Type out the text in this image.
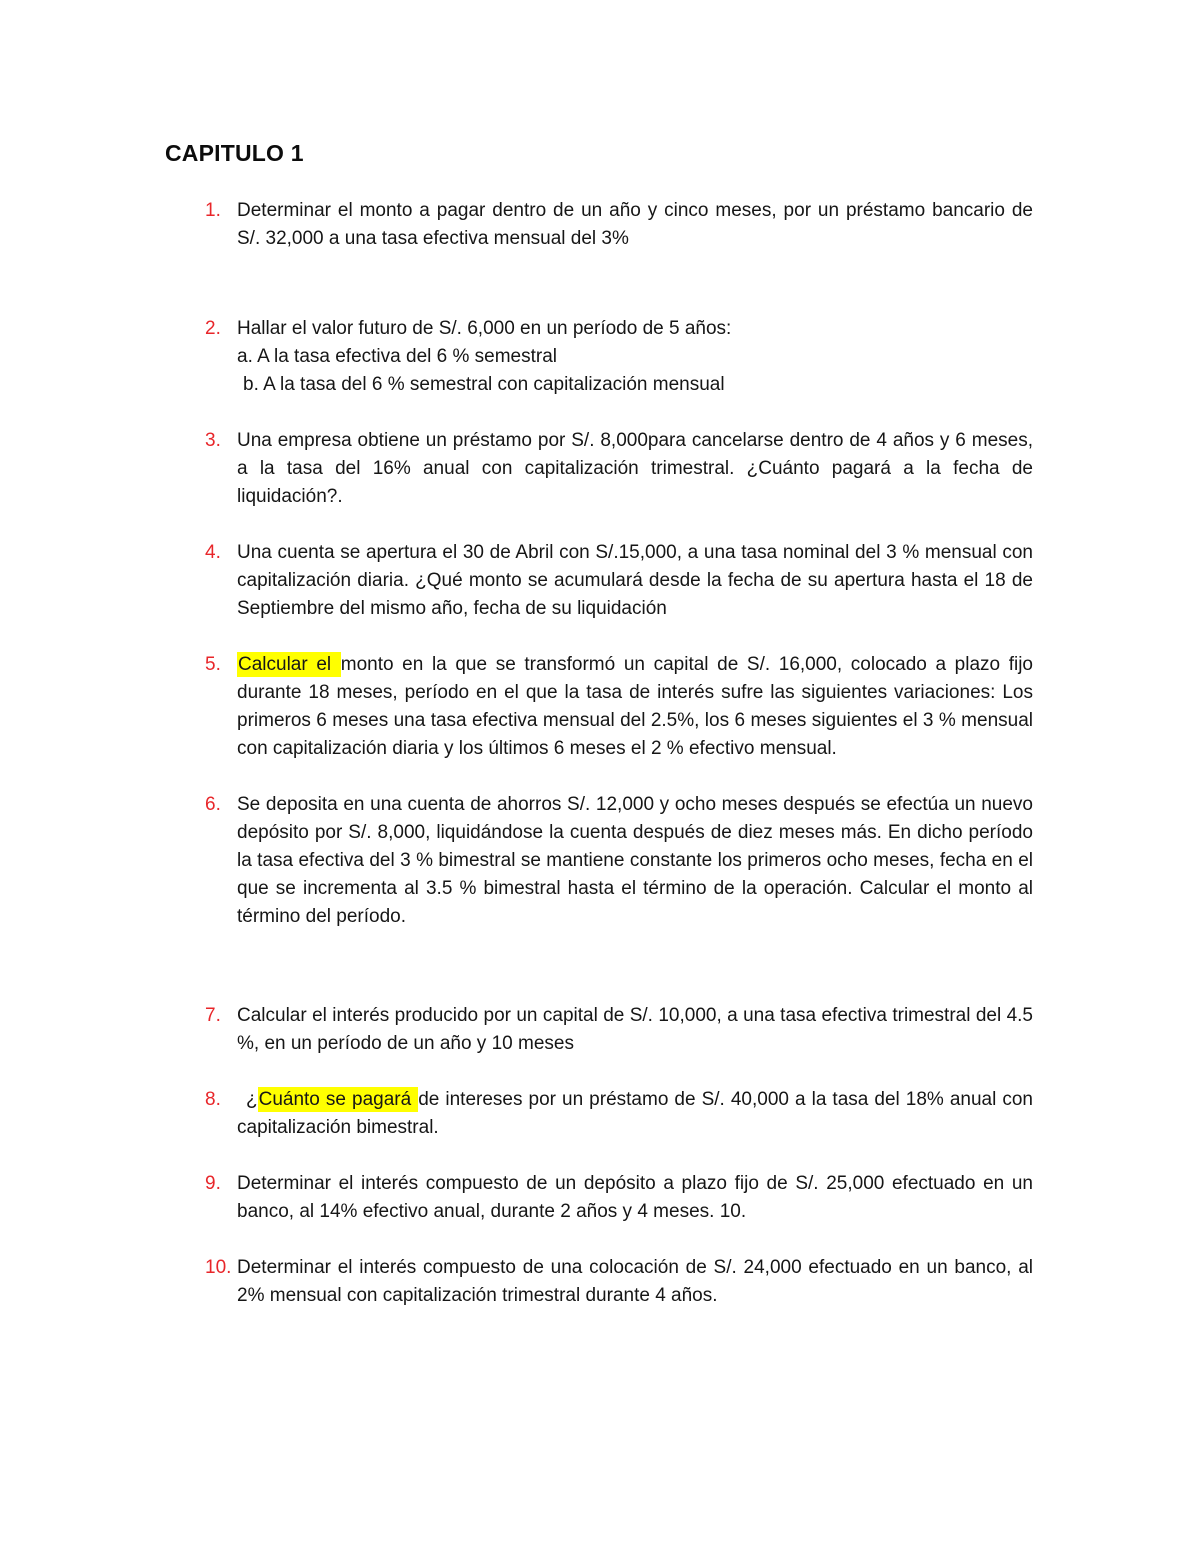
CAPITULO 1
1. Determinar el monto a pagar dentro de un año y cinco meses, por un préstamo bancario de S/. 32,000 a una tasa efectiva mensual del 3%
2. Hallar el valor futuro de S/. 6,000 en un período de 5 años:
a. A la tasa efectiva del 6 % semestral
b. A la tasa del 6 % semestral con capitalización mensual
3. Una empresa obtiene un préstamo por S/. 8,000para cancelarse dentro de 4 años y 6 meses, a la tasa del 16% anual con capitalización trimestral. ¿Cuánto pagará a la fecha de liquidación?.
4. Una cuenta se apertura el 30 de Abril con S/.15,000, a una tasa nominal del 3 % mensual con capitalización diaria. ¿Qué monto se acumulará desde la fecha de su apertura hasta el 18 de Septiembre del mismo año, fecha de su liquidación
5. Calcular el monto en la que se transformó un capital de S/. 16,000, colocado a plazo fijo durante 18 meses, período en el que la tasa de interés sufre las siguientes variaciones: Los primeros 6 meses una tasa efectiva mensual del 2.5%, los 6 meses siguientes el 3 % mensual con capitalización diaria y los últimos 6 meses el 2 % efectivo mensual.
6. Se deposita en una cuenta de ahorros S/. 12,000 y ocho meses después se efectúa un nuevo depósito por S/. 8,000, liquidándose la cuenta después de diez meses más. En dicho período la tasa efectiva del 3 % bimestral se mantiene constante los primeros ocho meses, fecha en el que se incrementa al 3.5 % bimestral hasta el término de la operación. Calcular el monto al término del período.
7. Calcular el interés producido por un capital de S/. 10,000, a una tasa efectiva trimestral del 4.5 %, en un período de un año y 10 meses
8.	¿Cuánto se pagará de intereses por un préstamo de S/. 40,000 a la tasa del 18% anual con capitalización bimestral.
9. Determinar el interés compuesto de un depósito a plazo fijo de S/. 25,000 efectuado en un banco, al 14% efectivo anual, durante 2 años y 4 meses. 10.
10. Determinar el interés compuesto de una colocación de S/. 24,000 efectuado en un banco, al 2% mensual con capitalización trimestral durante 4 años.
